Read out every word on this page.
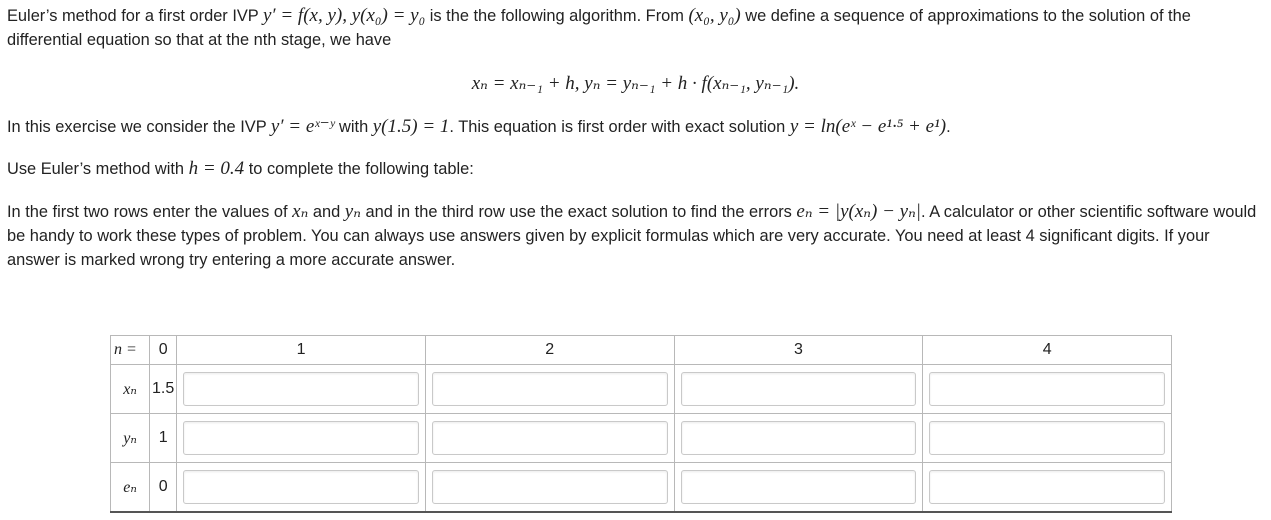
Euler’s method for a first order IVP y′ = f(x, y), y(x₀) = y₀ is the the following algorithm. From (x₀, y₀) we define a sequence of approximations to the solution of the differential equation so that at the nth stage, we have

xₙ = xₙ₋₁ + h, yₙ = yₙ₋₁ + h · f(xₙ₋₁, yₙ₋₁).

In this exercise we consider the IVP y′ = eˣ⁻ʸ with y(1.5) = 1. This equation is first order with exact solution y = ln(eˣ − e¹·⁵ + e¹).

Use Euler’s method with h = 0.4 to complete the following table:

In the first two rows enter the values of xₙ and yₙ and in the third row use the exact solution to find the errors eₙ = |y(xₙ) − yₙ|. A calculator or other scientific software would be handy to work these types of problem. You can always use answers given by explicit formulas which are very accurate. You need at least 4 significant digits. If your answer is marked wrong try entering a more accurate answer.

n =	0	1	2	3	4
xₙ	1.5				
yₙ	1				
eₙ	0				
